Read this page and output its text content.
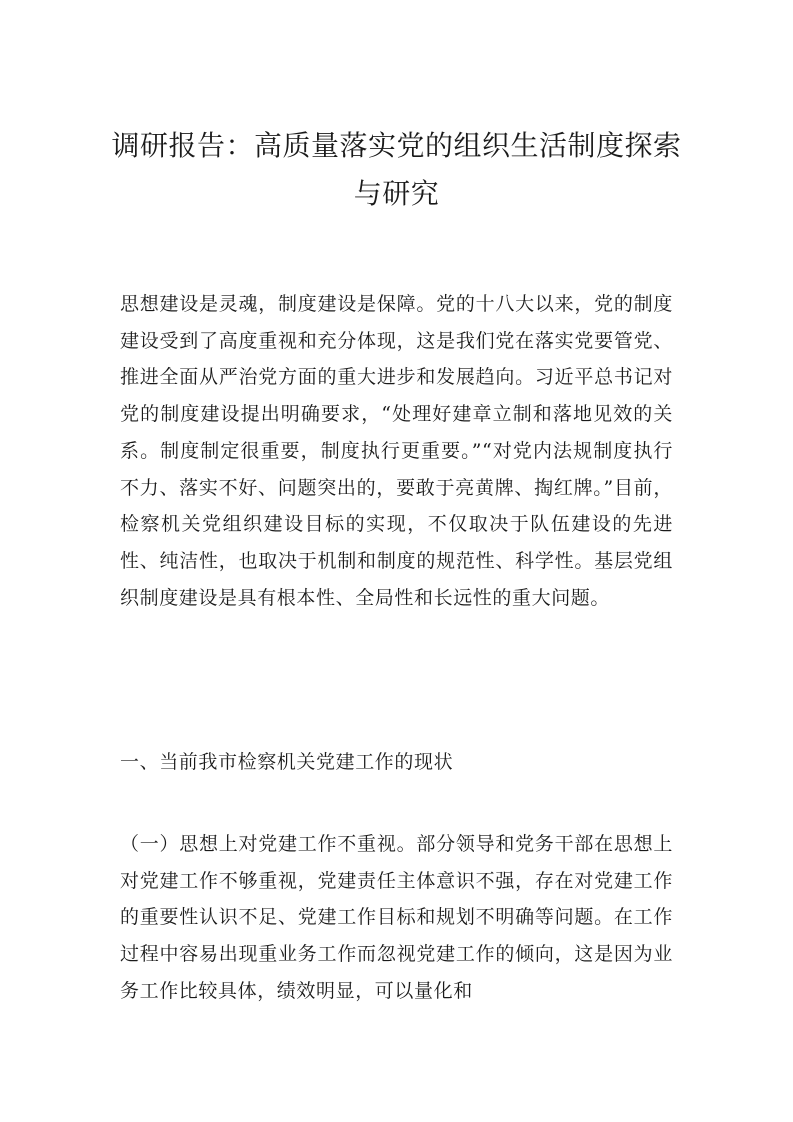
调研报告：高质量落实党的组织生活制度探索与研究

思想建设是灵魂，制度建设是保障。党的十八大以来，党的制度建设受到了高度重视和充分体现，这是我们党在落实党要管党、推进全面从严治党方面的重大进步和发展趋向。习近平总书记对党的制度建设提出明确要求，“处理好建章立制和落地见效的关系。制度制定很重要，制度执行更重要。”“对党内法规制度执行不力、落实不好、问题突出的，要敢于亮黄牌、掏红牌。”目前，检察机关党组织建设目标的实现，不仅取决于队伍建设的先进性、纯洁性，也取决于机制和制度的规范性、科学性。基层党组织制度建设是具有根本性、全局性和长远性的重大问题。

一、当前我市检察机关党建工作的现状

（一）思想上对党建工作不重视。部分领导和党务干部在思想上对党建工作不够重视，党建责任主体意识不强，存在对党建工作的重要性认识不足、党建工作目标和规划不明确等问题。在工作过程中容易出现重业务工作而忽视党建工作的倾向，这是因为业务工作比较具体，绩效明显，可以量化和
